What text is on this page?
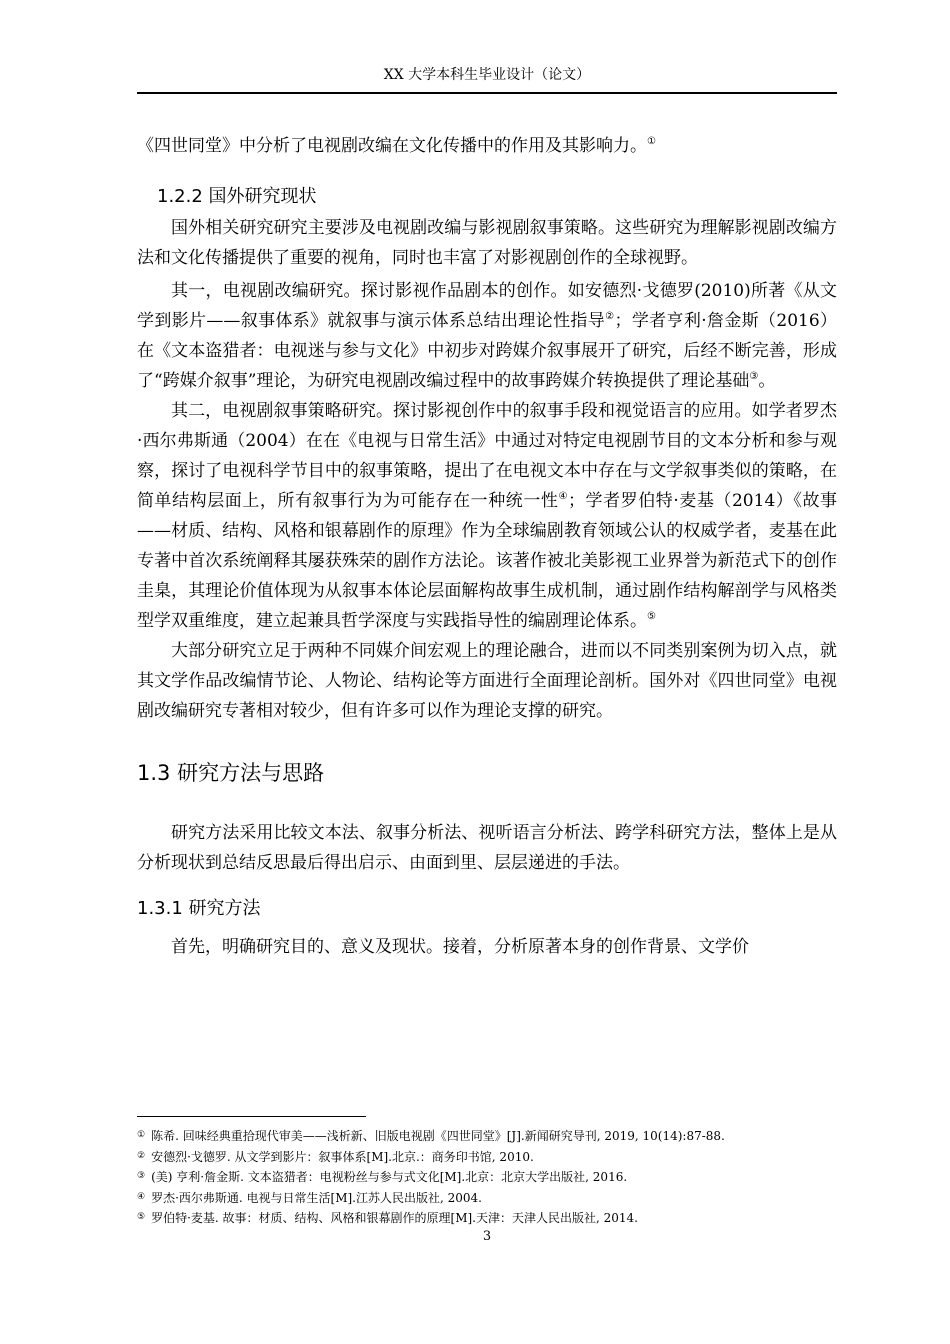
XX 大学本科生毕业设计（论文）

《四世同堂》中分析了电视剧改编在文化传播中的作用及其影响力。①

1.2.2 国外研究现状

国外相关研究研究主要涉及电视剧改编与影视剧叙事策略。这些研究为理解影视剧改编方法和文化传播提供了重要的视角，同时也丰富了对影视剧创作的全球视野。

其一，电视剧改编研究。探讨影视作品剧本的创作。如安德烈·戈德罗(2010)所著《从文学到影片——叙事体系》就叙事与演示体系总结出理论性指导②；学者亨利·詹金斯（2016）在《文本盗猎者：电视迷与参与文化》中初步对跨媒介叙事展开了研究，后经不断完善，形成了“跨媒介叙事”理论，为研究电视剧改编过程中的故事跨媒介转换提供了理论基础③。

其二，电视剧叙事策略研究。探讨影视创作中的叙事手段和视觉语言的应用。如学者罗杰·西尔弗斯通（2004）在在《电视与日常生活》中通过对特定电视剧节目的文本分析和参与观察，探讨了电视科学节目中的叙事策略，提出了在电视文本中存在与文学叙事类似的策略，在简单结构层面上，所有叙事行为为可能存在一种统一性④；学者罗伯特·麦基（2014）《故事——材质、结构、风格和银幕剧作的原理》作为全球编剧教育领域公认的权威学者，麦基在此专著中首次系统阐释其屡获殊荣的剧作方法论。该著作被北美影视工业界誉为新范式下的创作圭臬，其理论价值体现为从叙事本体论层面解构故事生成机制，通过剧作结构解剖学与风格类型学双重维度，建立起兼具哲学深度与实践指导性的编剧理论体系。⑤

大部分研究立足于两种不同媒介间宏观上的理论融合，进而以不同类别案例为切入点，就其文学作品改编情节论、人物论、结构论等方面进行全面理论剖析。国外对《四世同堂》电视剧改编研究专著相对较少，但有许多可以作为理论支撑的研究。

1.3 研究方法与思路

研究方法采用比较文本法、叙事分析法、视听语言分析法、跨学科研究方法，整体上是从分析现状到总结反思最后得出启示、由面到里、层层递进的手法。

1.3.1 研究方法

首先，明确研究目的、意义及现状。接着，分析原著本身的创作背景、文学价

① 陈希. 回味经典重拾现代审美——浅析新、旧版电视剧《四世同堂》[J].新闻研究导刊, 2019, 10(14):87-88.
② 安德烈·戈德罗. 从文学到影片：叙事体系[M].北京.：商务印书馆, 2010.
③ (美) 亨利·詹金斯. 文本盗猎者：电视粉丝与参与式文化[M].北京：北京大学出版社, 2016.
④ 罗杰·西尔弗斯通. 电视与日常生活[M].江苏人民出版社, 2004.
⑤ 罗伯特·麦基. 故事：材质、结构、风格和银幕剧作的原理[M].天津：天津人民出版社, 2014.
3
